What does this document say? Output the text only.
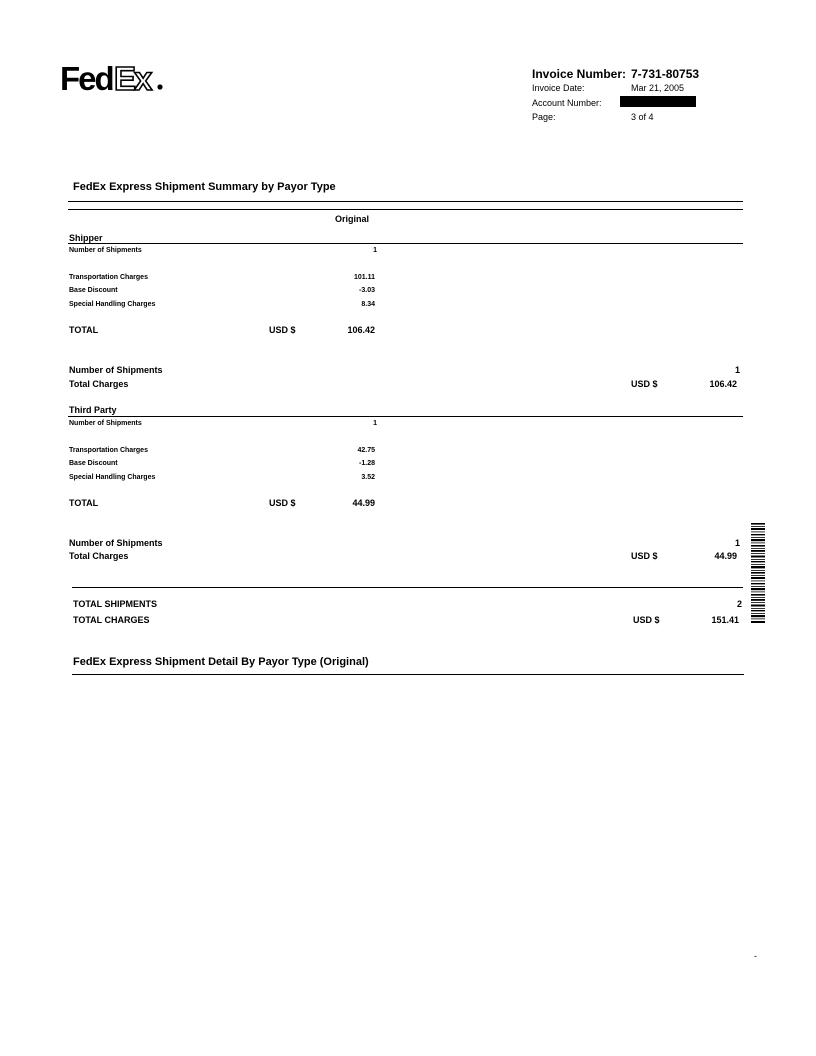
Fed Ex	Invoice Number: 7-731-80753
Invoice Date:	Mar 21, 2005
Account Number:
Page:	3 of 4
FedEx Express Shipment Summary by Payor Type
Original
Shipper
Number of Shipments	1
Transportation Charges	101.11
Base Discount	-3.03
Special Handling Charges	8.34
TOTAL	USD $	106.42
Number of Shipments	1
Total Charges	USD $	106.42
Third Party
Number of Shipments	1
Transportation Charges	42.75
Base Discount	-1.28
Special Handling Charges	3.52
TOTAL	USD $	44.99
Number of Shipments	1
Total Charges	USD $	44.99
TOTAL SHIPMENTS	2
TOTAL CHARGES	USD $	151.41
FedEx Express Shipment Detail By Payor Type (Original)
-
